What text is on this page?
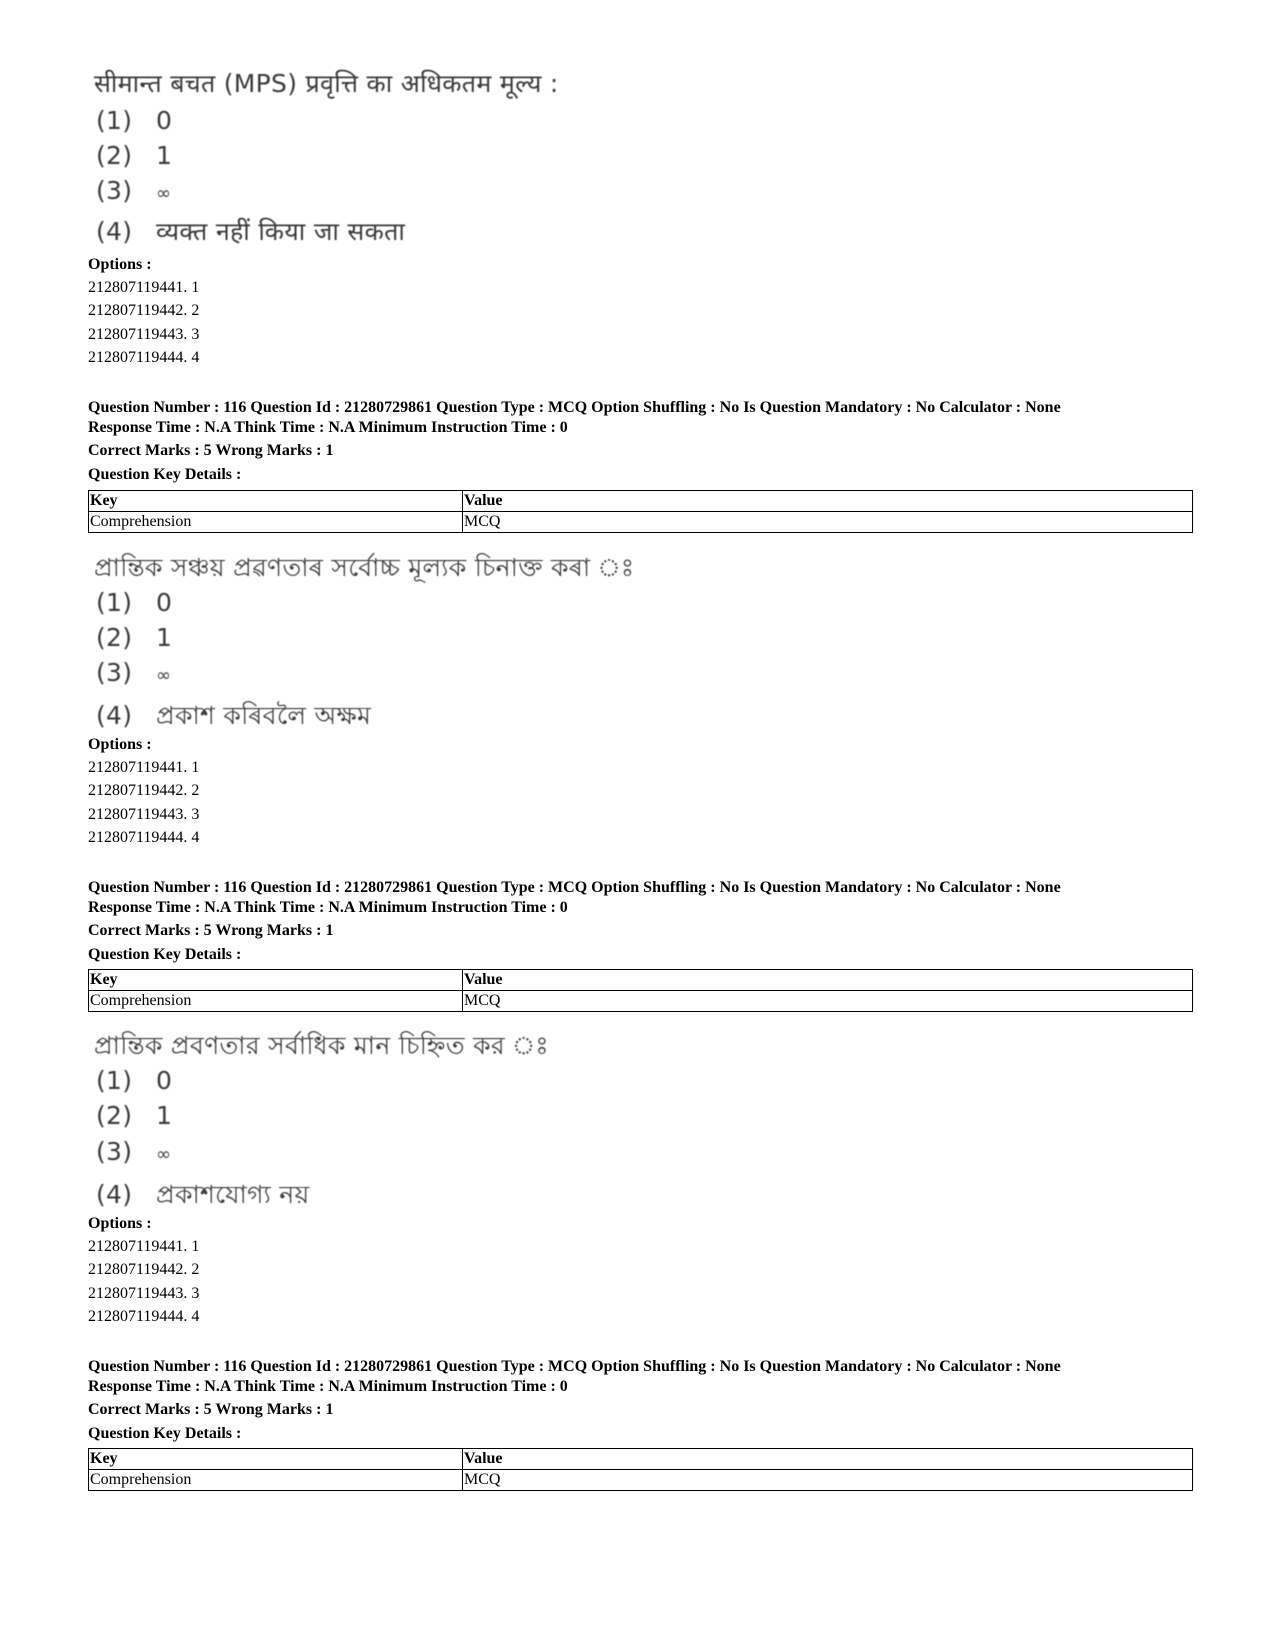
सीमान्त बचत (MPS) प्रवृत्ति का अधिकतम मूल्य :
(1) 0
(2) 1
(3)	∞
(4) व्यक्त नहीं किया जा सकता
Options :

212807119441. 1

212807119442. 2

212807119443. 3

212807119444. 4

Question Number : 116 Question Id : 21280729861 Question Type : MCQ Option Shuffling : No Is Question Mandatory : No Calculator : None

Response Time : N.A Think Time : N.A Minimum Instruction Time : 0

Correct Marks : 5 Wrong Marks : 1

Question Key Details :

Key	Value
Comprehension	MCQ
প্ৰান্তিক সঞ্চয় প্ৰৱণতাৰ সৰ্বোচ্চ মূল্যক চিনাক্ত কৰা ঃ
(1) 0
(2) 1
(3)	∞
(4) প্ৰকাশ কৰিবলৈ অক্ষম
Options :

212807119441. 1

212807119442. 2

212807119443. 3

212807119444. 4

Question Number : 116 Question Id : 21280729861 Question Type : MCQ Option Shuffling : No Is Question Mandatory : No Calculator : None

Response Time : N.A Think Time : N.A Minimum Instruction Time : 0

Correct Marks : 5 Wrong Marks : 1

Question Key Details :

Key	Value
Comprehension	MCQ
প্রান্তিক প্রবণতার সর্বাধিক মান চিহ্নিত কর ঃ
(1) 0
(2) 1
(3)	∞
(4) প্রকাশযোগ্য নয়
Options :

212807119441. 1

212807119442. 2

212807119443. 3

212807119444. 4

Question Number : 116 Question Id : 21280729861 Question Type : MCQ Option Shuffling : No Is Question Mandatory : No Calculator : None

Response Time : N.A Think Time : N.A Minimum Instruction Time : 0

Correct Marks : 5 Wrong Marks : 1

Question Key Details :

Key	Value
Comprehension	MCQ
